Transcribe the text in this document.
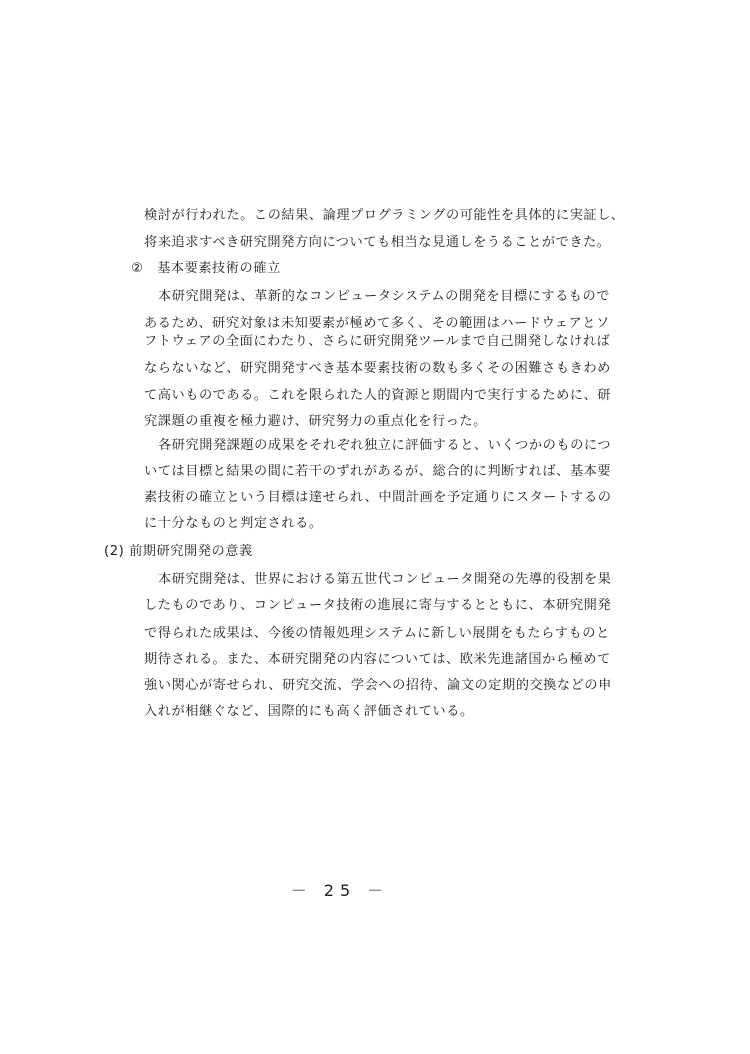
検討が行われた。この結果、論理プログラミングの可能性を具体的に実証し、
将来追求すべき研究開発方向についても相当な見通しをうることができた。
②　基本要素技術の確立
本研究開発は、革新的なコンピュータシステムの開発を目標にするもので
あるため、研究対象は未知要素が極めて多く、その範囲はハードウェアとソ
フトウェアの全面にわたり、さらに研究開発ツールまで自己開発しなければ
ならないなど、研究開発すべき基本要素技術の数も多くその困難さもきわめ
て高いものである。これを限られた人的資源と期間内で実行するために、研
究課題の重複を極力避け、研究努力の重点化を行った。
各研究開発課題の成果をそれぞれ独立に評価すると、いくつかのものにつ
いては目標と結果の間に若干のずれがあるが、総合的に判断すれば、基本要
素技術の確立という目標は達せられ、中間計画を予定通りにスタートするの
に十分なものと判定される。
(2) 前期研究開発の意義
本研究開発は、世界における第五世代コンピュータ開発の先導的役割を果
したものであり、コンピュータ技術の進展に寄与するとともに、本研究開発
で得られた成果は、今後の情報処理システムに新しい展開をもたらすものと
期待される。また、本研究開発の内容については、欧米先進諸国から極めて
強い関心が寄せられ、研究交流、学会への招待、論文の定期的交換などの申
入れが相継ぐなど、国際的にも高く評価されている。
－ 25 －
